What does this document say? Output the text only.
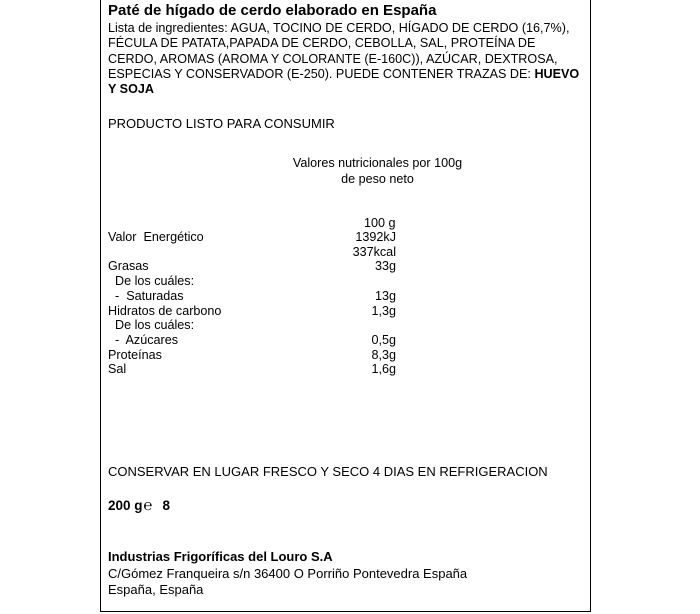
Paté de hígado de cerdo elaborado en España
Lista de ingredientes: AGUA, TOCINO DE CERDO, HÍGADO DE CERDO (16,7%), FÉCULA DE PATATA,PAPADA DE CERDO, CEBOLLA, SAL, PROTEÍNA DE CERDO, AROMAS (AROMA Y COLORANTE (E-160C)), AZÚCAR, DEXTROSA, ESPECIAS Y CONSERVADOR (E-250). PUEDE CONTENER TRAZAS DE: HUEVO Y SOJA
PRODUCTO LISTO PARA CONSUMIR
Valores nutricionales por 100g de peso neto
100 g
Valor  Energético	1392kJ
337kcal
Grasas	33g
De los cuáles:
-  Saturadas	13g
Hidratos de carbono	1,3g
De los cuáles:
-  Azúcares	0,5g
Proteínas	8,3g
Sal	1,6g
CONSERVAR EN LUGAR FRESCO Y SECO 4 DIAS EN REFRIGERACION
200 g℮ 8
Industrias Frigoríficas del Louro S.A
C/Gómez Franqueira s/n 36400 O Porriño Pontevedra España
España, España
